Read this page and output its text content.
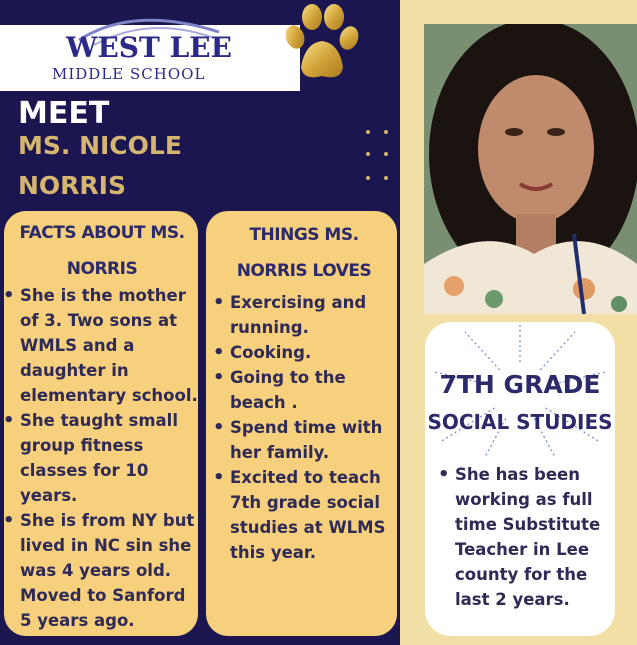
WEST LEE
MIDDLE SCHOOL
MEET
MS. NICOLE
NORRIS
FACTS ABOUT MS. NORRIS
• She is the mother of 3. Two sons at WMLS and a daughter in elementary school.
• She taught small group fitness classes for 10 years.
• She is from NY but lived in NC sin she was 4 years old. Moved to Sanford 5 years ago.
THINGS MS. NORRIS LOVES
• Exercising and running.
• Cooking.
• Going to the beach .
• Spend time with her family.
• Excited to teach 7th grade social studies at WLMS this year.
7TH GRADE
SOCIAL STUDIES
• She has been working as full time Substitute Teacher in Lee county for the last 2 years.
